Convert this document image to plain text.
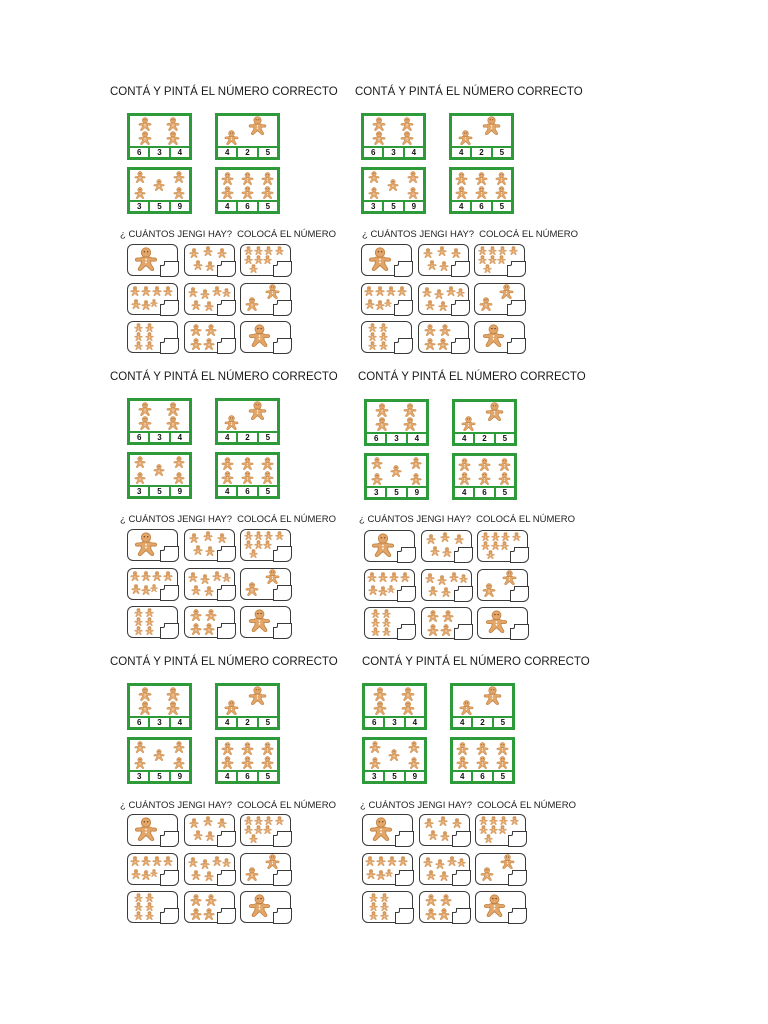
CONTÁ Y PINTÁ EL NÚMERO CORRECTO
6	3	4	4	2	5
3	5	9	4	6	5
¿ CUÁNTOS JENGI HAY? COLOCÁ EL NÚMERO
CONTÁ Y PINTÁ EL NÚMERO CORRECTO
6	3	4	4	2	5
3	5	9	4	6	5
¿ CUÁNTOS JENGI HAY? COLOCÁ EL NÚMERO
CONTÁ Y PINTÁ EL NÚMERO CORRECTO
6	3	4	4	2	5
3	5	9	4	6	5
¿ CUÁNTOS JENGI HAY? COLOCÁ EL NÚMERO
CONTÁ Y PINTÁ EL NÚMERO CORRECTO
6	3	4	4	2	5
3	5	9	4	6	5
¿ CUÁNTOS JENGI HAY? COLOCÁ EL NÚMERO
CONTÁ Y PINTÁ EL NÚMERO CORRECTO
6	3	4	4	2	5
3	5	9	4	6	5
¿ CUÁNTOS JENGI HAY? COLOCÁ EL NÚMERO
CONTÁ Y PINTÁ EL NÚMERO CORRECTO
6	3	4	4	2	5
3	5	9	4	6	5
¿ CUÁNTOS JENGI HAY? COLOCÁ EL NÚMERO
